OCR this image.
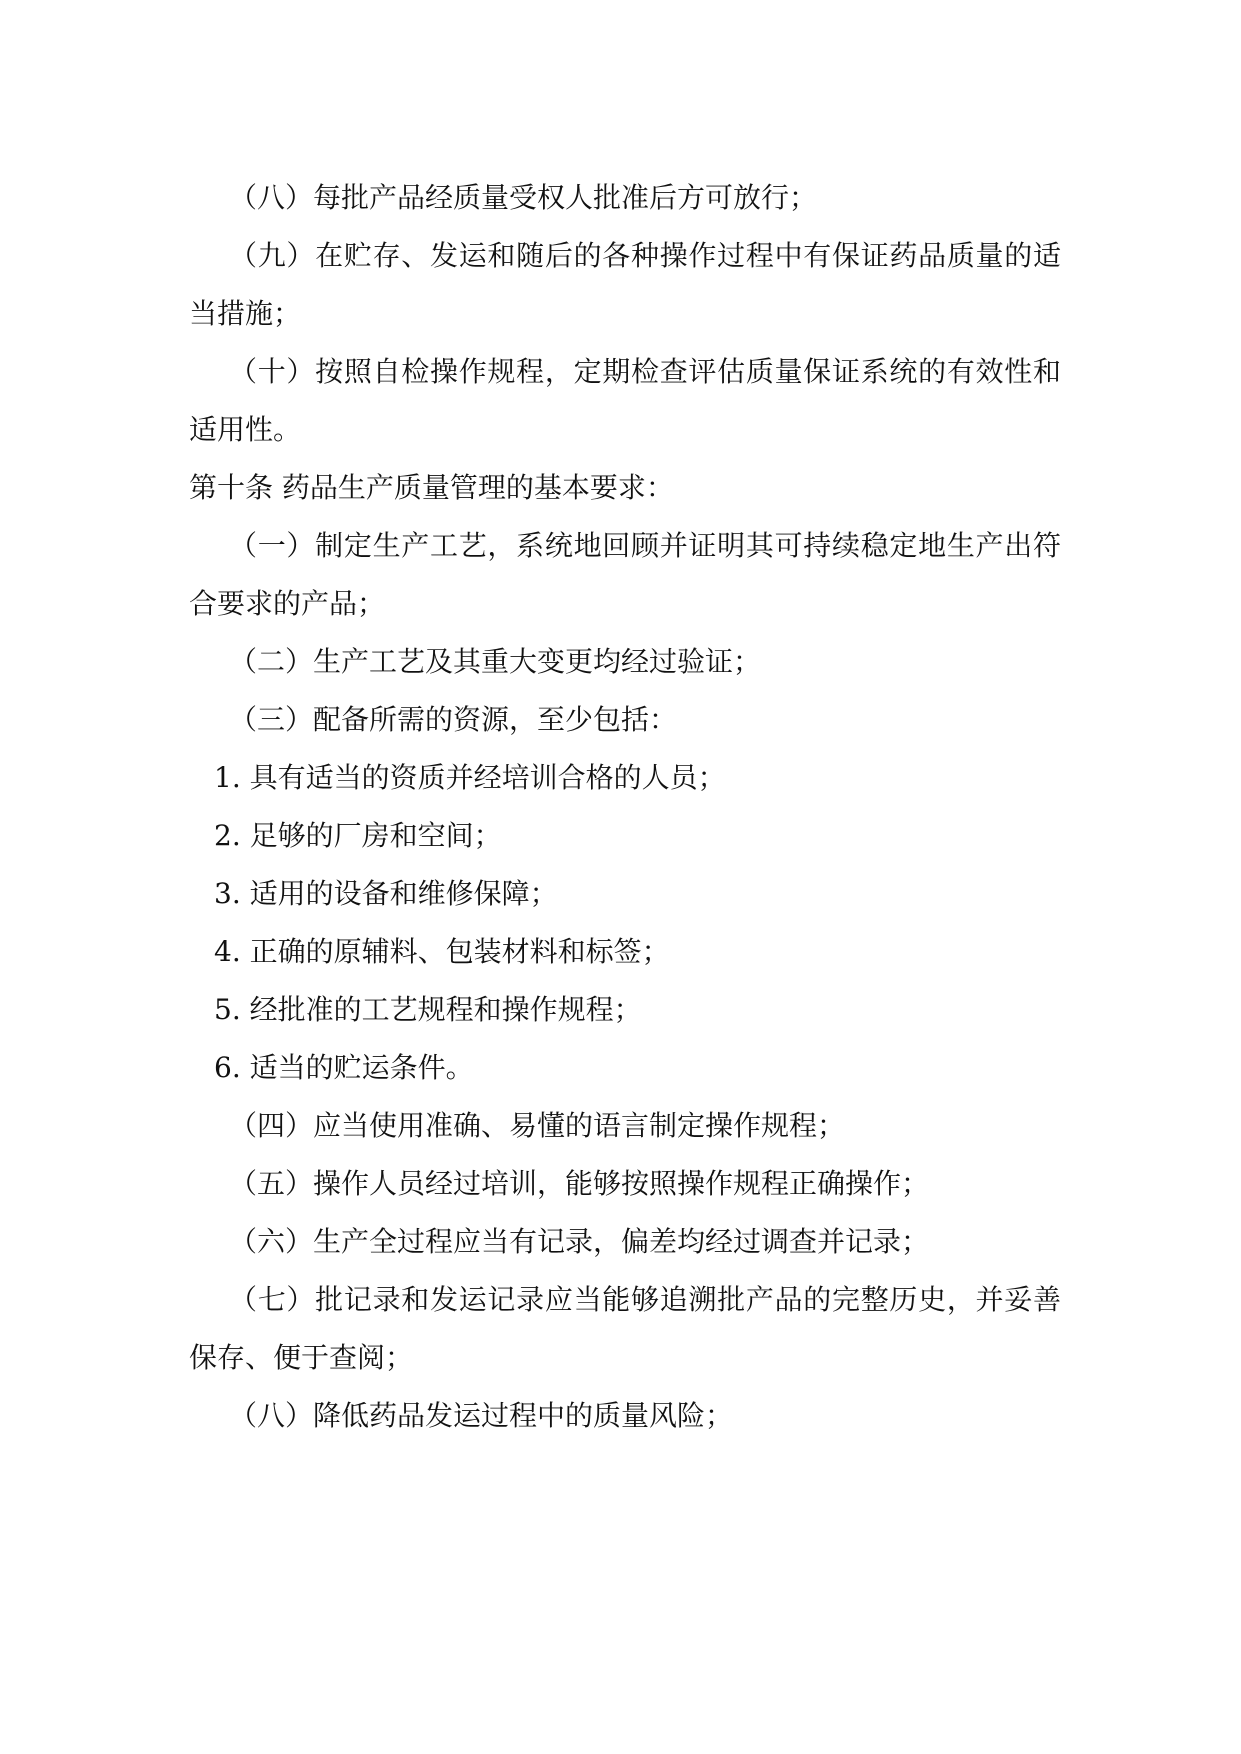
（八）每批产品经质量受权人批准后方可放行；

（九）在贮存、发运和随后的各种操作过程中有保证药品质量的适

当措施；

（十）按照自检操作规程，定期检查评估质量保证系统的有效性和

适用性。

第十条 药品生产质量管理的基本要求：

（一）制定生产工艺，系统地回顾并证明其可持续稳定地生产出符

合要求的产品；

（二）生产工艺及其重大变更均经过验证；

（三）配备所需的资源，至少包括：

1. 具有适当的资质并经培训合格的人员；

2. 足够的厂房和空间；

3. 适用的设备和维修保障；

4. 正确的原辅料、包装材料和标签；

5. 经批准的工艺规程和操作规程；

6. 适当的贮运条件。

（四）应当使用准确、易懂的语言制定操作规程；

（五）操作人员经过培训，能够按照操作规程正确操作；

（六）生产全过程应当有记录，偏差均经过调查并记录；

（七）批记录和发运记录应当能够追溯批产品的完整历史，并妥善

保存、便于查阅；

（八）降低药品发运过程中的质量风险；
